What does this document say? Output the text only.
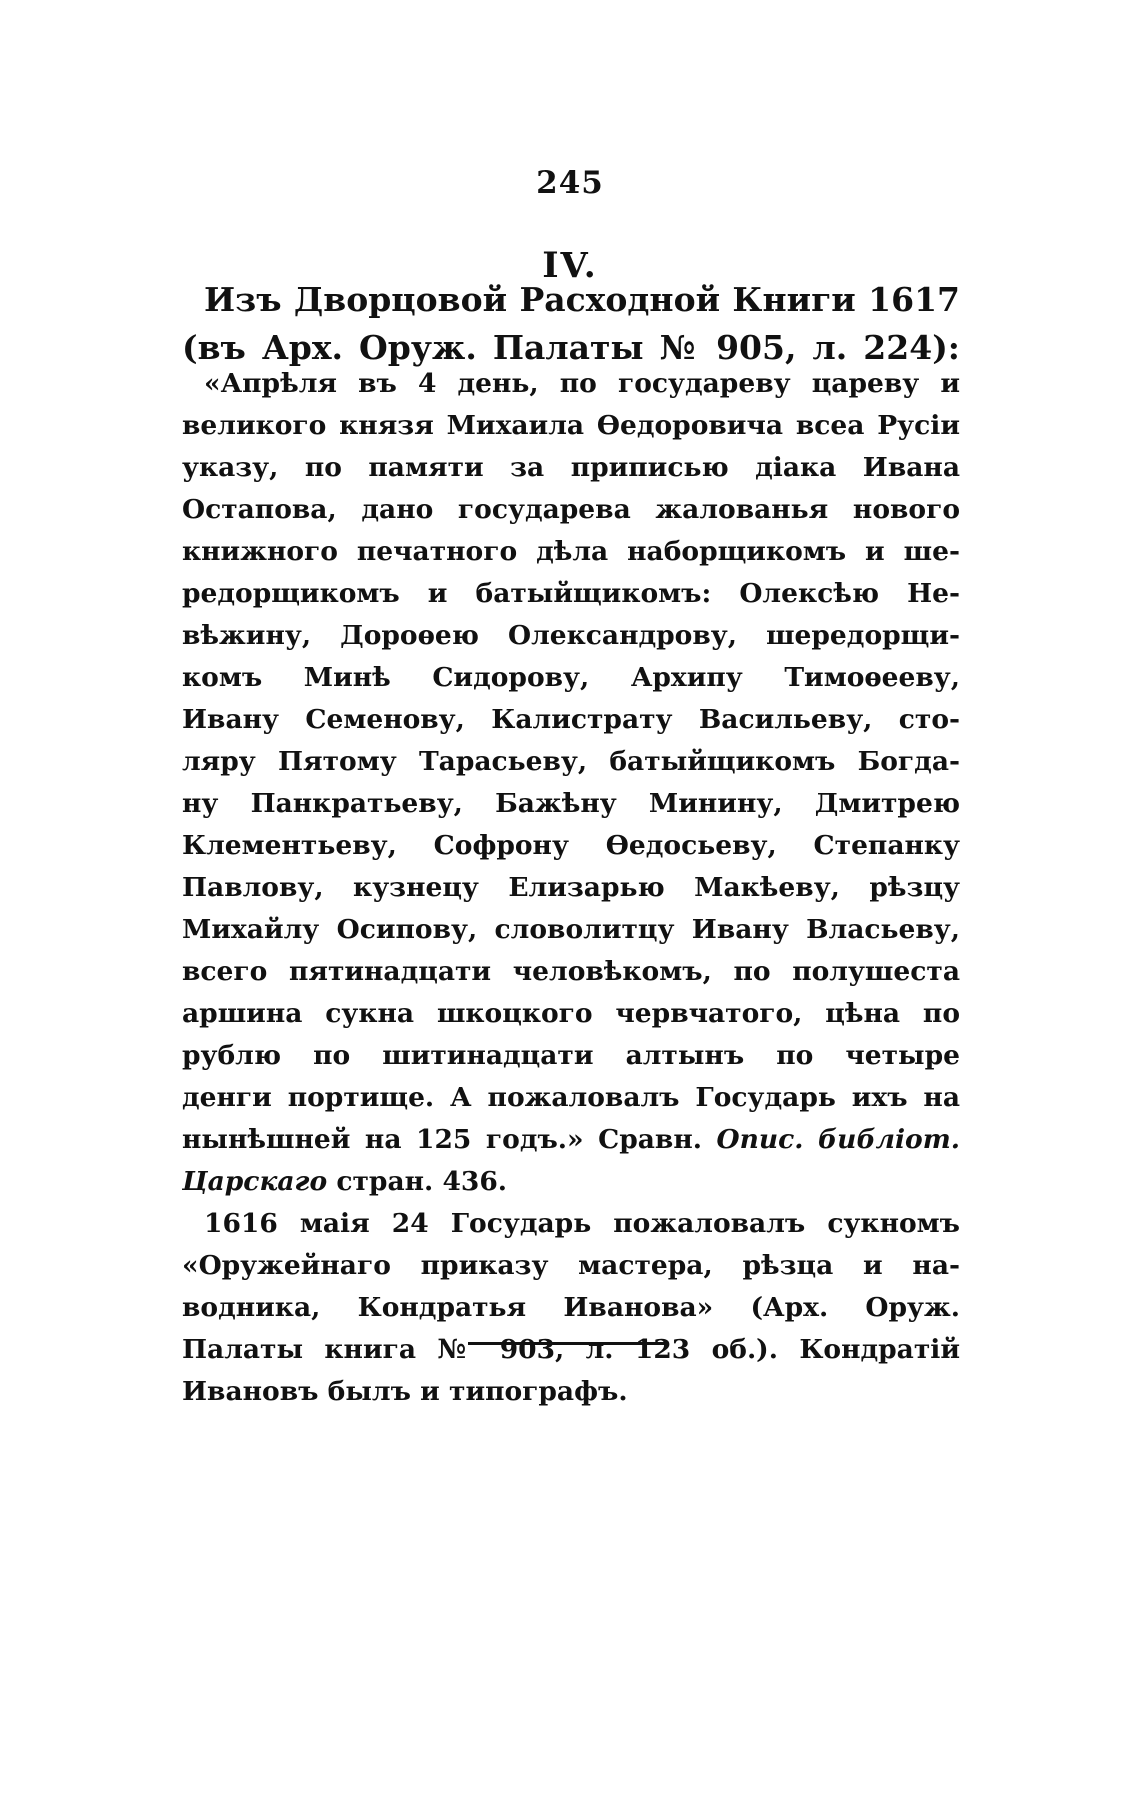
245
IV.
Изъ Дворцовой Расходной Книги 1617
(въ Арх. Оруж. Палаты № 905, л. 224):
«Апрѣля въ 4 день, по государеву цареву и
великого князя Михаила Ѳедоровича всеа Русіи
указу, по памяти за приписью діака Ивана
Остапова, дано государева жалованья нового
книжного печатного дѣла наборщикомъ и ше-
редорщикомъ и батыйщикомъ: Олексѣю Не-
вѣжину, Дороѳею Олександрову, шередорщи-
комъ Минѣ Сидорову, Архипу Тимоѳееву,
Ивану Семенову, Калистрату Васильеву, сто-
ляру Пятому Тарасьеву, батыйщикомъ Богда-
ну Панкратьеву, Бажѣну Минину, Дмитрею
Клементьеву, Софрону Ѳедосьеву, Степанку
Павлову, кузнецу Елизарью Макѣеву, рѣзцу
Михайлу Осипову, словолитцу Ивану Власьеву,
всего пятинадцати человѣкомъ, по полушеста
аршина сукна шкоцкого червчатого, цѣна по
рублю по шитинадцати алтынъ по четыре
денги портище. А пожаловалъ Государь ихъ на
нынѣшней на 125 годъ.» Сравн. Опис. библіот.
Царскаго стран. 436.
1616 маія 24 Государь пожаловалъ сукномъ
«Оружейнаго приказу мастера, рѣзца и на-
водника, Кондратья Иванова» (Арх. Оруж.
Палаты книга № 903, л. 123 об.). Кондратій
Ивановъ былъ и типографъ.
